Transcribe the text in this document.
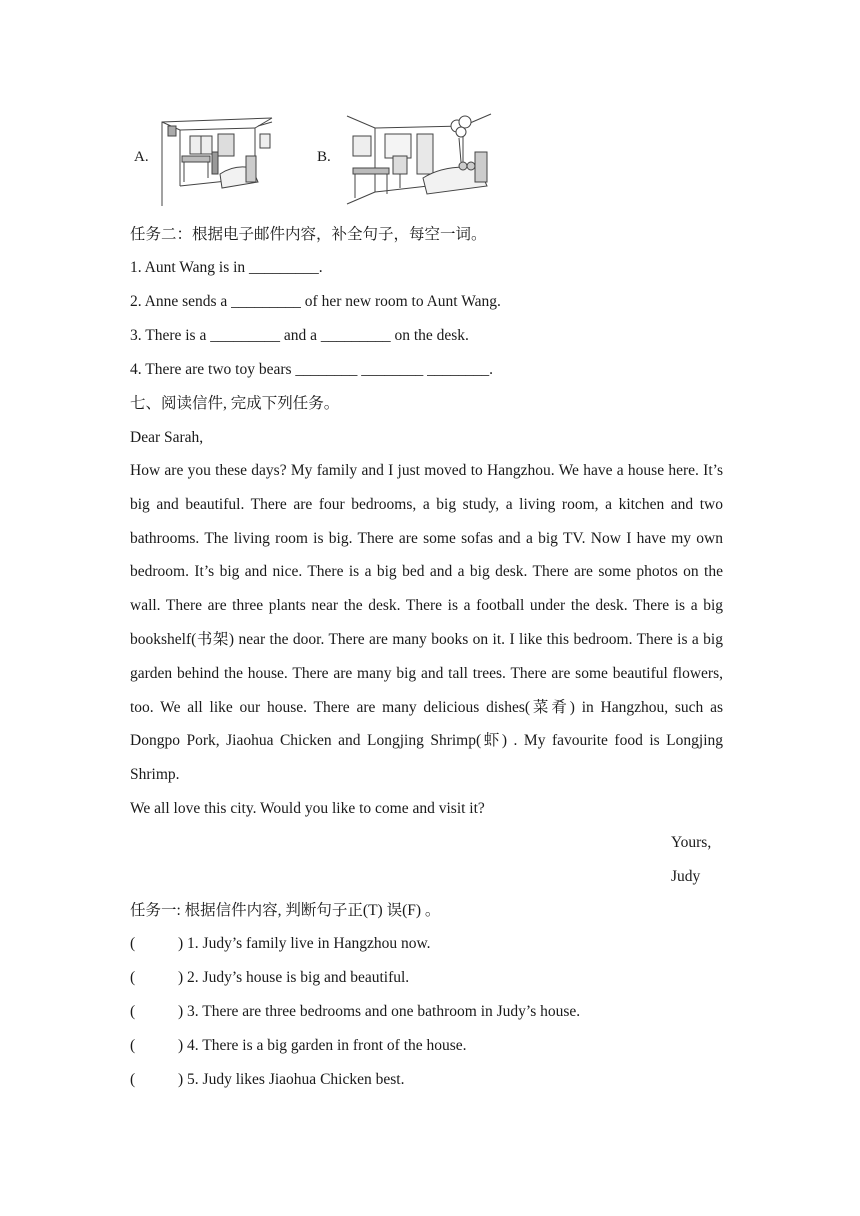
A.	B.
任务二：根据电子邮件内容，补全句子，每空一词。
1. Aunt Wang is in _________.
2. Anne sends a _________ of her new room to Aunt Wang.
3. There is a _________ and a _________ on the desk.
4. There are two toy bears ________ ________ ________.
七、阅读信件, 完成下列任务。
Dear Sarah,
How are you these days? My family and I just moved to Hangzhou. We have a house here. It’s big and beautiful. There are four bedrooms, a big study, a living room, a kitchen and two bathrooms. The living room is big. There are some sofas and a big TV. Now I have my own bedroom. It’s big and nice. There is a big bed and a big desk. There are some photos on the wall. There are three plants near the desk. There is a football under the desk. There is a big bookshelf(书架) near the door. There are many books on it. I like this bedroom. There is a big garden behind the house. There are many big and tall trees. There are some beautiful flowers, too. We all like our house. There are many delicious dishes(菜肴) in Hangzhou, such as Dongpo Pork, Jiaohua Chicken and Longjing Shrimp(虾) . My favourite food is Longjing Shrimp.
We all love this city. Would you like to come and visit it?
Yours,
Judy
任务一: 根据信件内容, 判断句子正(T) 误(F) 。
(	) 1. Judy’s family live in Hangzhou now.
(	) 2. Judy’s house is big and beautiful.
(	) 3. There are three bedrooms and one bathroom in Judy’s house.
(	) 4. There is a big garden in front of the house.
(	) 5. Judy likes Jiaohua Chicken best.
